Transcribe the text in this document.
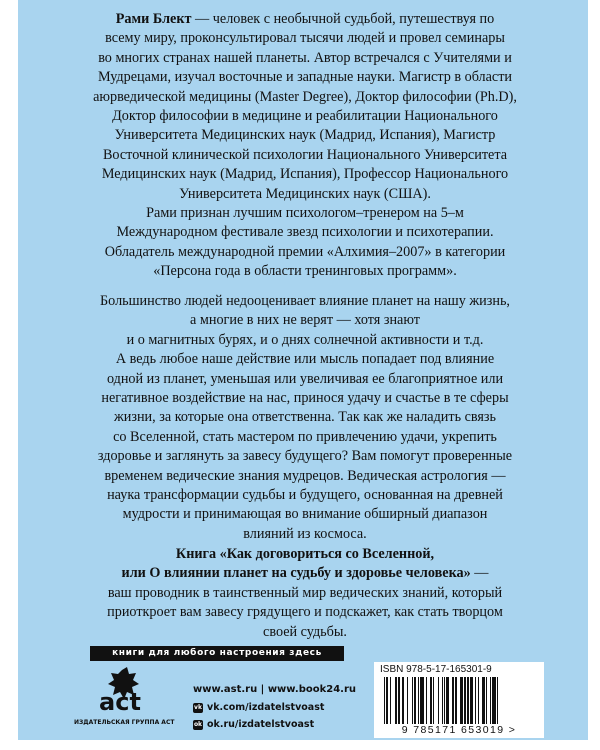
Рами Блект — человек с необычной судьбой, путешествуя по

всему миру, проконсультировал тысячи людей и провел семинары

во многих странах нашей планеты. Автор встречался с Учителями и

Мудрецами, изучал восточные и западные науки. Магистр в области

аюрведической медицины (Master Degree), Доктор философии (Ph.D),

Доктор философии в медицине и реабилитации Национального

Университета Медицинских наук (Мадрид, Испания), Магистр

Восточной клинической психологии Национального Университета

Медицинских наук (Мадрид, Испания), Профессор Национального

Университета Медицинских наук (США).

Рами признан лучшим психологом–тренером на 5–м

Международном фестивале звезд психологии и психотерапии.

Обладатель международной премии «Алхимия–2007» в категории

«Персона года в области тренинговых программ».

Большинство людей недооценивает влияние планет на нашу жизнь,

а многие в них не верят — хотя знают

и о магнитных бурях, и о днях солнечной активности и т.д.

А ведь любое наше действие или мысль попадает под влияние

одной из планет, уменьшая или увеличивая ее благоприятное или

негативное воздействие на нас, принося удачу и счастье в те сферы

жизни, за которые она ответственна. Так как же наладить связь

со Вселенной, стать мастером по привлечению удачи, укрепить

здоровье и заглянуть за завесу будущего? Вам помогут проверенные

временем ведические знания мудрецов. Ведическая астрология —

наука трансформации судьбы и будущего, основанная на древней

мудрости и принимающая во внимание обширный диапазон

влияний из космоса.

Книга «Как договориться со Вселенной,

или О влиянии планет на судьбу и здоровье человека» —

ваш проводник в таинственный мир ведических знаний, который

приоткроет вам завесу грядущего и подскажет, как стать творцом

своей судьбы.

книги для любого настроения здесь
act
ИЗДАТЕЛЬСКАЯ ГРУППА АСТ
www.ast.ru | www.book24.ru
vk vk.com/izdatelstvoast
ok ok.ru/izdatelstvoast
ISBN 978-5-17-165301-9
9 785171 653019 >
